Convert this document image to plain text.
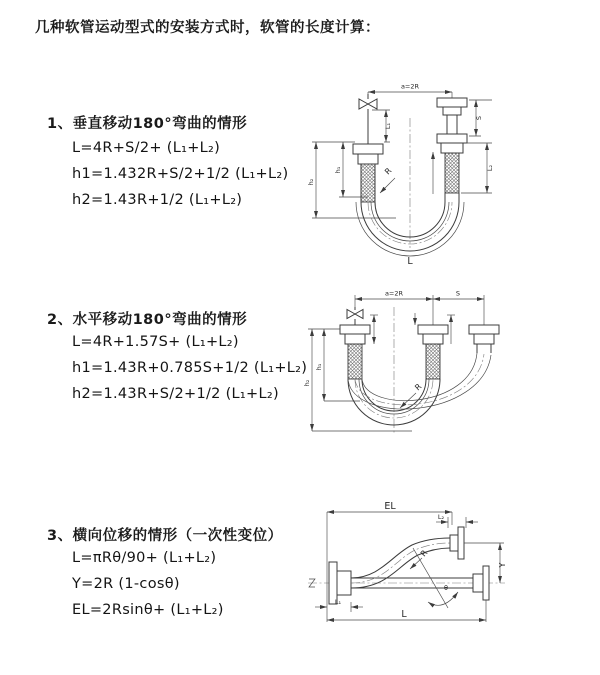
几种软管运动型式的安装方式时，软管的长度计算：
1、垂直移动180°弯曲的情形
L=4R+S/2+ (L₁+L₂)
h1=1.432R+S/2+1/2 (L₁+L₂)
h2=1.43R+1/2 (L₁+L₂)
2、水平移动180°弯曲的情形
L=4R+1.57S+ (L₁+L₂)
h1=1.43R+0.785S+1/2 (L₁+L₂)
h2=1.43R+S/2+1/2 (L₁+L₂)
3、横向位移的情形（一次性变位）
L=πRθ/90+ (L₁+L₂)
Y=2R (1-cosθ)
EL=2Rsinθ+ (L₁+L₂)
a=2R
L₁
S
L₂
h₁
h₂
R
L
a=2R	S
h₁
h₂	R
EL
L₂
Y
R
θ
L
L₁
